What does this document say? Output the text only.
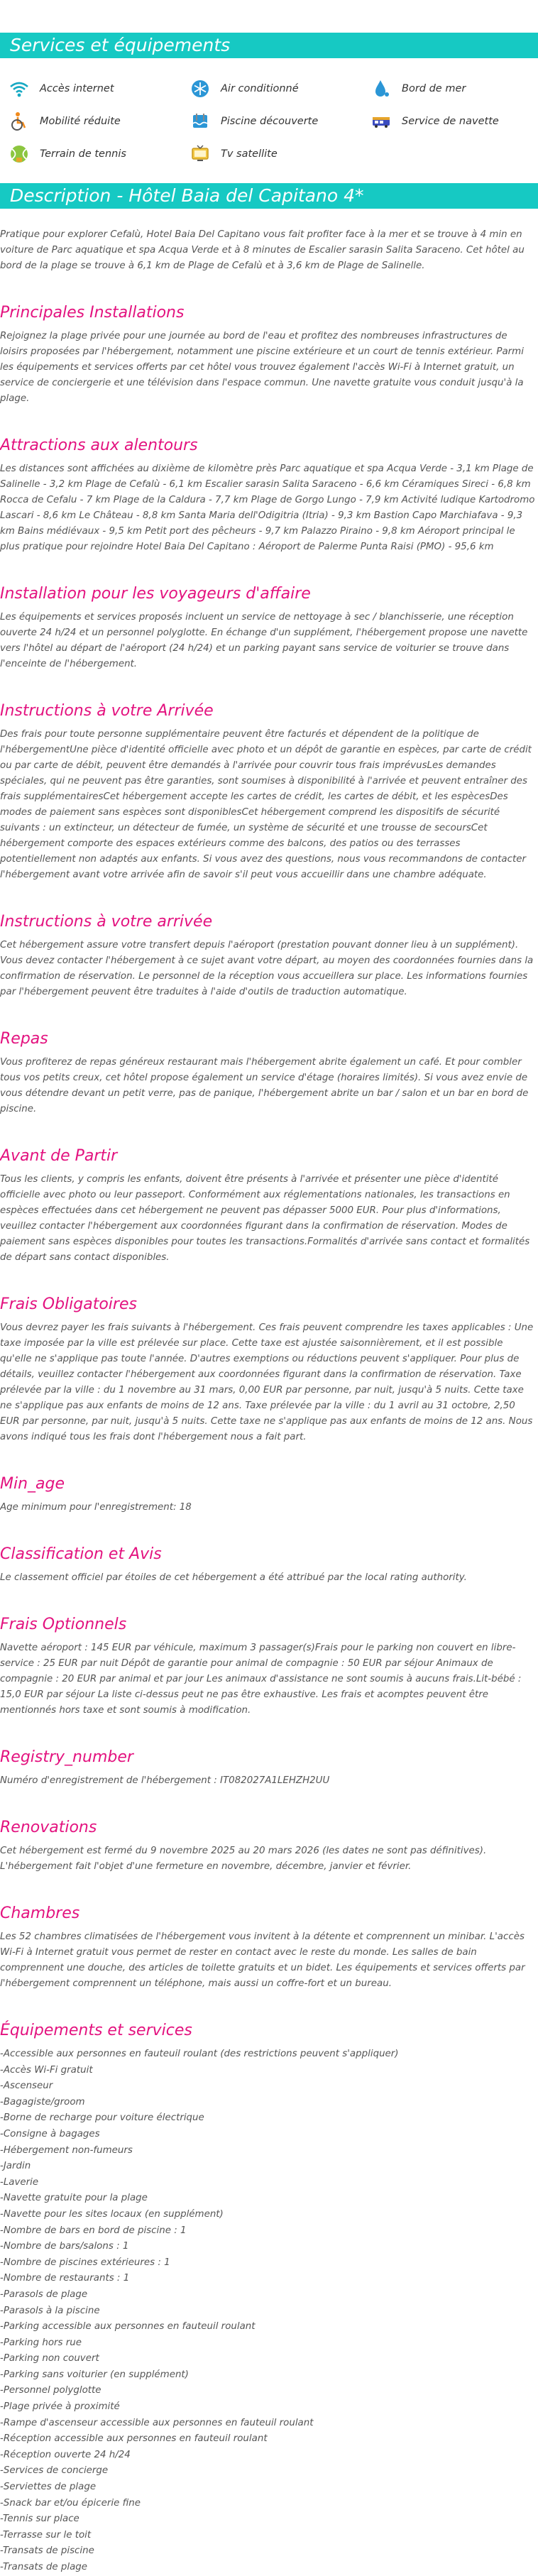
Services et équipements
Accès internet	Air conditionné	Bord de mer
Mobilité réduite	Piscine découverte	Service de navette
Terrain de tennis	Tv satellite
Description - Hôtel Baia del Capitano 4*

Pratique pour explorer Cefalù, Hotel Baia Del Capitano vous fait profiter face à la mer et se trouve à 4 min en voiture de Parc aquatique et spa Acqua Verde et à 8 minutes de Escalier sarasin Salita Saraceno. Cet hôtel au bord de la plage se trouve à 6,1 km de Plage de Cefalù et à 3,6 km de Plage de Salinelle.

Principales Installations

Rejoignez la plage privée pour une journée au bord de l'eau et profitez des nombreuses infrastructures de loisirs proposées par l'hébergement, notamment une piscine extérieure et un court de tennis extérieur. Parmi les équipements et services offerts par cet hôtel vous trouvez également l'accès Wi-Fi à Internet gratuit, un service de conciergerie et une télévision dans l'espace commun. Une navette gratuite vous conduit jusqu'à la plage.

Attractions aux alentours

Les distances sont affichées au dixième de kilomètre près Parc aquatique et spa Acqua Verde - 3,1 km Plage de Salinelle - 3,2 km Plage de Cefalù - 6,1 km Escalier sarasin Salita Saraceno - 6,6 km Céramiques Sireci - 6,8 km Rocca de Cefalu - 7 km Plage de la Caldura - 7,7 km Plage de Gorgo Lungo - 7,9 km Activité ludique Kartodromo Lascari - 8,6 km Le Château - 8,8 km Santa Maria dell'Odigitria (Itria) - 9,3 km Bastion Capo Marchiafava - 9,3 km Bains médiévaux - 9,5 km Petit port des pêcheurs - 9,7 km Palazzo Piraino - 9,8 km Aéroport principal le plus pratique pour rejoindre Hotel Baia Del Capitano : Aéroport de Palerme Punta Raisi (PMO) - 95,6 km

Installation pour les voyageurs d'affaire

Les équipements et services proposés incluent un service de nettoyage à sec / blanchisserie, une réception ouverte 24 h/24 et un personnel polyglotte. En échange d'un supplément, l'hébergement propose une navette vers l'hôtel au départ de l'aéroport (24 h/24) et un parking payant sans service de voiturier se trouve dans l'enceinte de l'hébergement.

Instructions à votre Arrivée

Des frais pour toute personne supplémentaire peuvent être facturés et dépendent de la politique de l'hébergementUne pièce d'identité officielle avec photo et un dépôt de garantie en espèces, par carte de crédit ou par carte de débit, peuvent être demandés à l'arrivée pour couvrir tous frais imprévusLes demandes spéciales, qui ne peuvent pas être garanties, sont soumises à disponibilité à l'arrivée et peuvent entraîner des frais supplémentairesCet hébergement accepte les cartes de crédit, les cartes de débit, et les espècesDes modes de paiement sans espèces sont disponiblesCet hébergement comprend les dispositifs de sécurité suivants : un extincteur, un détecteur de fumée, un système de sécurité et une trousse de secoursCet hébergement comporte des espaces extérieurs comme des balcons, des patios ou des terrasses potentiellement non adaptés aux enfants. Si vous avez des questions, nous vous recommandons de contacter l'hébergement avant votre arrivée afin de savoir s'il peut vous accueillir dans une chambre adéquate.

Instructions à votre arrivée

Cet hébergement assure votre transfert depuis l'aéroport (prestation pouvant donner lieu à un supplément). Vous devez contacter l'hébergement à ce sujet avant votre départ, au moyen des coordonnées fournies dans la confirmation de réservation. Le personnel de la réception vous accueillera sur place. Les informations fournies par l'hébergement peuvent être traduites à l'aide d'outils de traduction automatique.

Repas

Vous profiterez de repas généreux restaurant mais l'hébergement abrite également un café. Et pour combler tous vos petits creux, cet hôtel propose également un service d'étage (horaires limités). Si vous avez envie de vous détendre devant un petit verre, pas de panique, l'hébergement abrite un bar / salon et un bar en bord de piscine.

Avant de Partir

Tous les clients, y compris les enfants, doivent être présents à l'arrivée et présenter une pièce d'identité officielle avec photo ou leur passeport. Conformément aux réglementations nationales, les transactions en espèces effectuées dans cet hébergement ne peuvent pas dépasser 5000 EUR. Pour plus d'informations, veuillez contacter l'hébergement aux coordonnées figurant dans la confirmation de réservation. Modes de paiement sans espèces disponibles pour toutes les transactions.Formalités d'arrivée sans contact et formalités de départ sans contact disponibles.

Frais Obligatoires

Vous devrez payer les frais suivants à l'hébergement. Ces frais peuvent comprendre les taxes applicables : Une taxe imposée par la ville est prélevée sur place. Cette taxe est ajustée saisonnièrement, et il est possible qu'elle ne s'applique pas toute l'année. D'autres exemptions ou réductions peuvent s'appliquer. Pour plus de détails, veuillez contacter l'hébergement aux coordonnées figurant dans la confirmation de réservation. Taxe prélevée par la ville : du 1 novembre au 31 mars, 0,00 EUR par personne, par nuit, jusqu'à 5 nuits. Cette taxe ne s'applique pas aux enfants de moins de 12 ans. Taxe prélevée par la ville : du 1 avril au 31 octobre, 2,50 EUR par personne, par nuit, jusqu'à 5 nuits. Cette taxe ne s'applique pas aux enfants de moins de 12 ans. Nous avons indiqué tous les frais dont l'hébergement nous a fait part.

Min_age

Age minimum pour l'enregistrement: 18

Classification et Avis

Le classement officiel par étoiles de cet hébergement a été attribué par the local rating authority.

Frais Optionnels

Navette aéroport : 145 EUR par véhicule, maximum 3 passager(s)Frais pour le parking non couvert en libre-service : 25 EUR par nuit Dépôt de garantie pour animal de compagnie : 50 EUR par séjour Animaux de compagnie : 20 EUR par animal et par jour Les animaux d'assistance ne sont soumis à aucuns frais.Lit-bébé : 15,0 EUR par séjour La liste ci-dessus peut ne pas être exhaustive. Les frais et acomptes peuvent être mentionnés hors taxe et sont soumis à modification.

Registry_number

Numéro d'enregistrement de l'hébergement : IT082027A1LEHZH2UU

Renovations

Cet hébergement est fermé du 9 novembre 2025 au 20 mars 2026 (les dates ne sont pas définitives). L'hébergement fait l'objet d'une fermeture en novembre, décembre, janvier et février.

Chambres

Les 52 chambres climatisées de l'hébergement vous invitent à la détente et comprennent un minibar. L'accès Wi-Fi à Internet gratuit vous permet de rester en contact avec le reste du monde. Les salles de bain comprennent une douche, des articles de toilette gratuits et un bidet. Les équipements et services offerts par l'hébergement comprennent un téléphone, mais aussi un coffre-fort et un bureau.

Équipements et services
-Accessible aux personnes en fauteuil roulant (des restrictions peuvent s'appliquer)
-Accès Wi-Fi gratuit
-Ascenseur
-Bagagiste/groom
-Borne de recharge pour voiture électrique
-Consigne à bagages
-Hébergement non-fumeurs
-Jardin
-Laverie
-Navette gratuite pour la plage
-Navette pour les sites locaux (en supplément)
-Nombre de bars en bord de piscine : 1
-Nombre de bars/salons : 1
-Nombre de piscines extérieures : 1
-Nombre de restaurants : 1
-Parasols de plage
-Parasols à la piscine
-Parking accessible aux personnes en fauteuil roulant
-Parking hors rue
-Parking non couvert
-Parking sans voiturier (en supplément)
-Personnel polyglotte
-Plage privée à proximité
-Rampe d'ascenseur accessible aux personnes en fauteuil roulant
-Réception accessible aux personnes en fauteuil roulant
-Réception ouverte 24 h/24
-Services de concierge
-Serviettes de plage
-Snack bar et/ou épicerie fine
-Tennis sur place
-Terrasse sur le toit
-Transats de piscine
-Transats de plage
